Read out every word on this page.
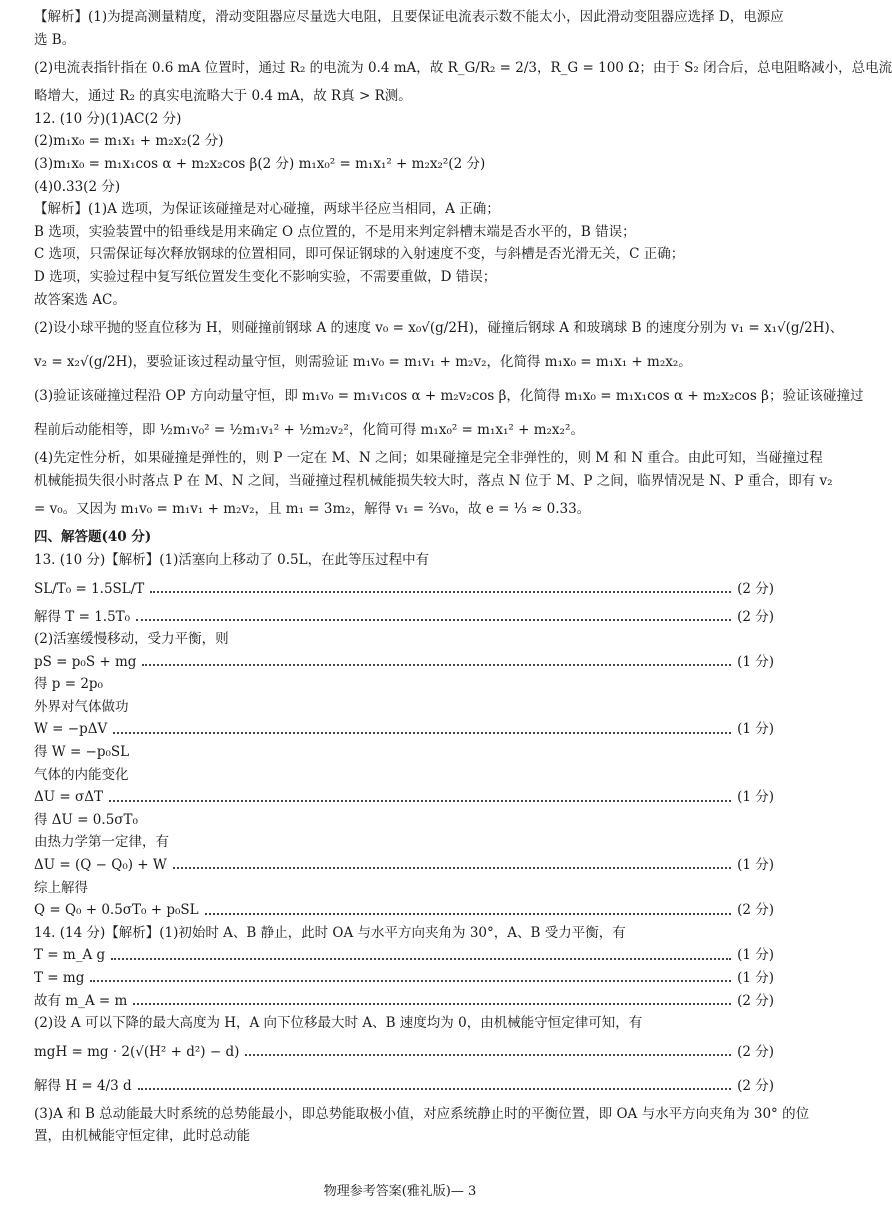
【解析】(1)为提高测量精度，滑动变阻器应尽量选大电阻，且要保证电流表示数不能太小，因此滑动变阻器应选择 D，电源应
选 B。
(2)电流表指针指在 0.6 mA 位置时，通过 R₂ 的电流为 0.4 mA，故 R_G/R₂ = 2/3，R_G = 100 Ω；由于 S₂ 闭合后，总电阻略减小，总电流
略增大，通过 R₂ 的真实电流略大于 0.4 mA，故 R真 > R测。
12. (10 分)(1)AC(2 分)
(2)m₁x₀ = m₁x₁ + m₂x₂(2 分)
(3)m₁x₀ = m₁x₁cos α + m₂x₂cos β(2 分) m₁x₀² = m₁x₁² + m₂x₂²(2 分)
(4)0.33(2 分)
【解析】(1)A 选项，为保证该碰撞是对心碰撞，两球半径应当相同，A 正确；
B 选项，实验装置中的铅垂线是用来确定 O 点位置的，不是用来判定斜槽末端是否水平的，B 错误；
C 选项，只需保证每次释放钢球的位置相同，即可保证钢球的入射速度不变，与斜槽是否光滑无关，C 正确；
D 选项，实验过程中复写纸位置发生变化不影响实验，不需要重做，D 错误；
故答案选 AC。
(2)设小球平抛的竖直位移为 H，则碰撞前钢球 A 的速度 v₀ = x₀√(g/2H)，碰撞后钢球 A 和玻璃球 B 的速度分别为 v₁ = x₁√(g/2H)、
v₂ = x₂√(g/2H)，要验证该过程动量守恒，则需验证 m₁v₀ = m₁v₁ + m₂v₂，化简得 m₁x₀ = m₁x₁ + m₂x₂。
(3)验证该碰撞过程沿 OP 方向动量守恒，即 m₁v₀ = m₁v₁cos α + m₂v₂cos β，化简得 m₁x₀ = m₁x₁cos α + m₂x₂cos β；验证该碰撞过
程前后动能相等，即 ½m₁v₀² = ½m₁v₁² + ½m₂v₂²，化简可得 m₁x₀² = m₁x₁² + m₂x₂²。
(4)先定性分析，如果碰撞是弹性的，则 P 一定在 M、N 之间；如果碰撞是完全非弹性的，则 M 和 N 重合。由此可知，当碰撞过程
机械能损失很小时落点 P 在 M、N 之间，当碰撞过程机械能损失较大时，落点 N 位于 M、P 之间，临界情况是 N、P 重合，即有 v₂
= v₀。又因为 m₁v₀ = m₁v₁ + m₂v₂，且 m₁ = 3m₂，解得 v₁ = ⅔v₀，故 e = ⅓ ≈ 0.33。
四、解答题(40 分)
13. (10 分)【解析】(1)活塞向上移动了 0.5L，在此等压过程中有
SL/T₀ = 1.5SL/T	(2 分)
解得 T = 1.5T₀	(2 分)
(2)活塞缓慢移动，受力平衡，则
pS = p₀S + mg	(1 分)
得 p = 2p₀
外界对气体做功
W = −pΔV	(1 分)
得 W = −p₀SL
气体的内能变化
ΔU = σΔT	(1 分)
得 ΔU = 0.5σT₀
由热力学第一定律，有
ΔU = (Q − Q₀) + W	(1 分)
综上解得
Q = Q₀ + 0.5σT₀ + p₀SL	(2 分)
14. (14 分)【解析】(1)初始时 A、B 静止，此时 OA 与水平方向夹角为 30°，A、B 受力平衡，有
T = m_A g	(1 分)
T = mg	(1 分)
故有 m_A = m	(2 分)
(2)设 A 可以下降的最大高度为 H，A 向下位移最大时 A、B 速度均为 0，由机械能守恒定律可知，有
mgH = mg · 2(√(H² + d²) − d)	(2 分)
解得 H = 4/3 d	(2 分)
(3)A 和 B 总动能最大时系统的总势能最小，即总势能取极小值，对应系统静止时的平衡位置，即 OA 与水平方向夹角为 30° 的位
置，由机械能守恒定律，此时总动能
物理参考答案(雅礼版)— 3
